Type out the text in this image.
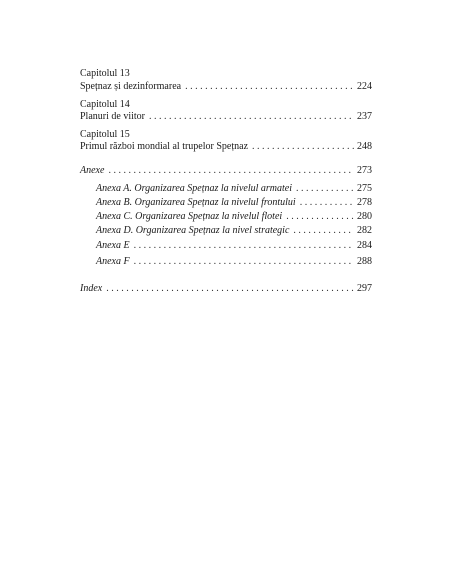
Capitolul 13
Spețnaz și dezinformarea . . .	224
Capitolul 14
Planuri de viitor . . .	237
Capitolul 15
Primul război mondial al trupelor Spețnaz . . .	248
Anexe . . .	273
Anexa A. Organizarea Spețnaz la nivelul armatei . . .	275
Anexa B. Organizarea Spețnaz la nivelul frontului . . .	278
Anexa C. Organizarea Spețnaz la nivelul flotei . . .	280
Anexa D. Organizarea Spețnaz la nivel strategic . . .	282
Anexa E . . .	284
Anexa F . . .	288
Index . . .	297
